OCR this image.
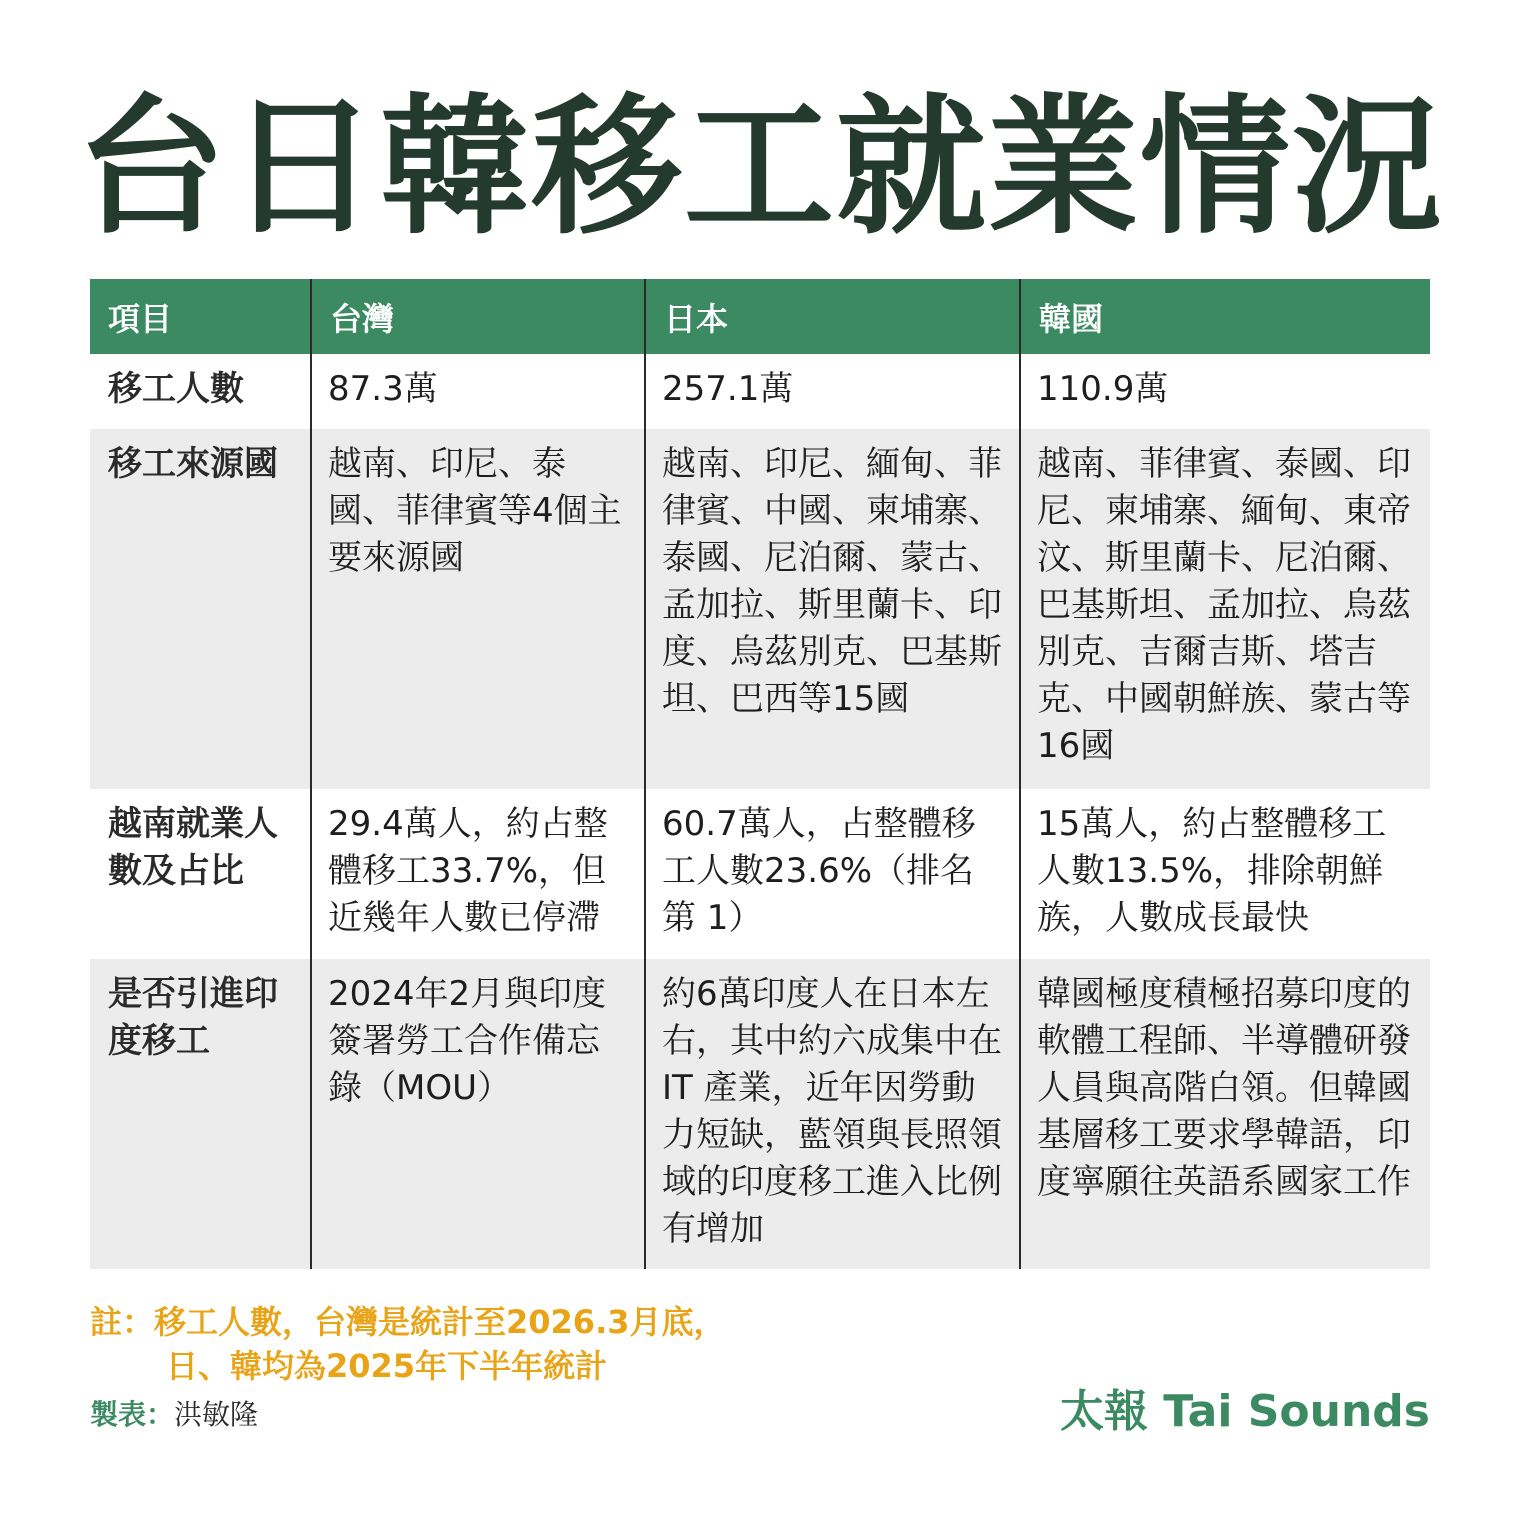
台日韓移工就業情況
項目	台灣	日本	韓國
移工人數	87.3萬	257.1萬	110.9萬
移工來源國	越南、印尼、泰國、菲律賓等4個主要來源國	越南、印尼、緬甸、菲律賓、中國、柬埔寨、泰國、尼泊爾、蒙古、孟加拉、斯里蘭卡、印度、烏茲別克、巴基斯坦、巴西等15國	越南、菲律賓、泰國、印尼、柬埔寨、緬甸、東帝汶、斯里蘭卡、尼泊爾、巴基斯坦、孟加拉、烏茲別克、吉爾吉斯、塔吉克、中國朝鮮族、蒙古等16國
越南就業人數及占比	29.4萬人，約占整體移工33.7%，但近幾年人數已停滯	60.7萬人，占整體移工人數23.6%（排名第 1）	15萬人，約占整體移工人數13.5%，排除朝鮮族，人數成長最快
是否引進印度移工	2024年2月與印度簽署勞工合作備忘錄（MOU）	約6萬印度人在日本左右，其中約六成集中在 IT 產業，近年因勞動力短缺，藍領與長照領域的印度移工進入比例有增加	韓國極度積極招募印度的軟體工程師、半導體研發人員與高階白領。但韓國基層移工要求學韓語，印度寧願往英語系國家工作
註：移工人數，台灣是統計至2026.3月底，
日、韓均為2025年下半年統計
製表：洪敏隆	太報 Tai Sounds
